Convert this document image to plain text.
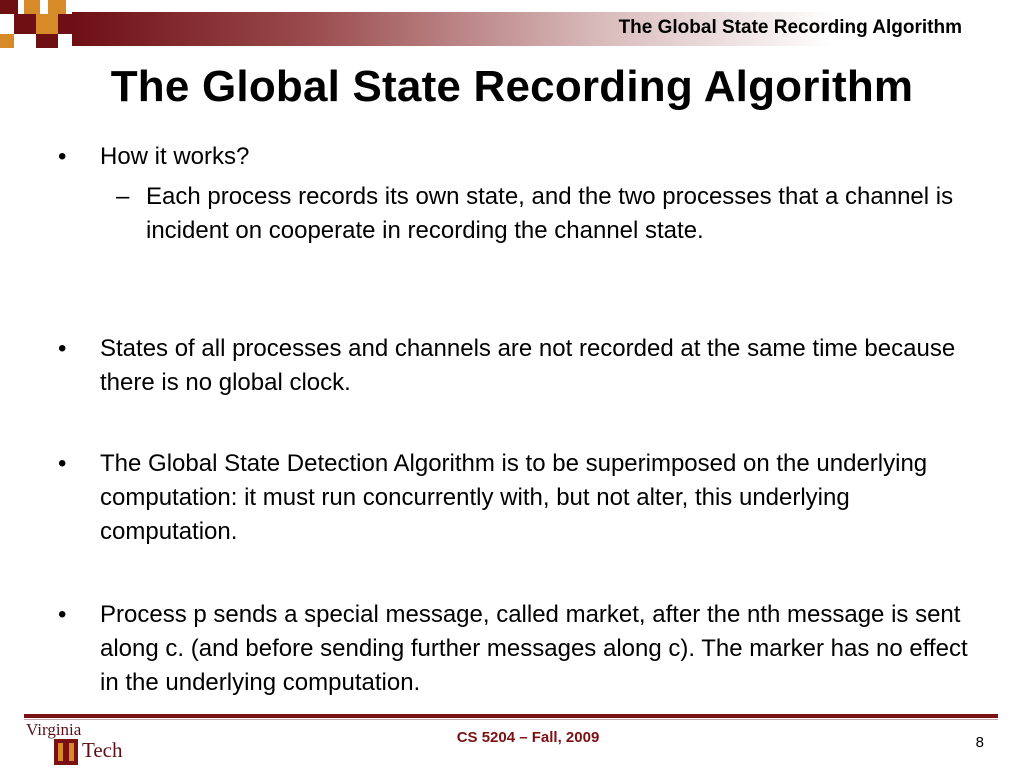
The Global State Recording Algorithm
The Global State Recording Algorithm
• How it works?
– Each process records its own state, and the two processes that a channel is incident on cooperate in recording the channel state.
• States of all processes and channels are not recorded at the same time because there is no global clock.
• The Global State Detection Algorithm is to be superimposed on the underlying computation: it must run concurrently with, but not alter, this underlying computation.
• Process p sends a special message, called market, after the nth message is sent along c. (and before sending further messages along c). The marker has no effect in the underlying computation.
Virginia
Tech
CS 5204 – Fall, 2009	8
